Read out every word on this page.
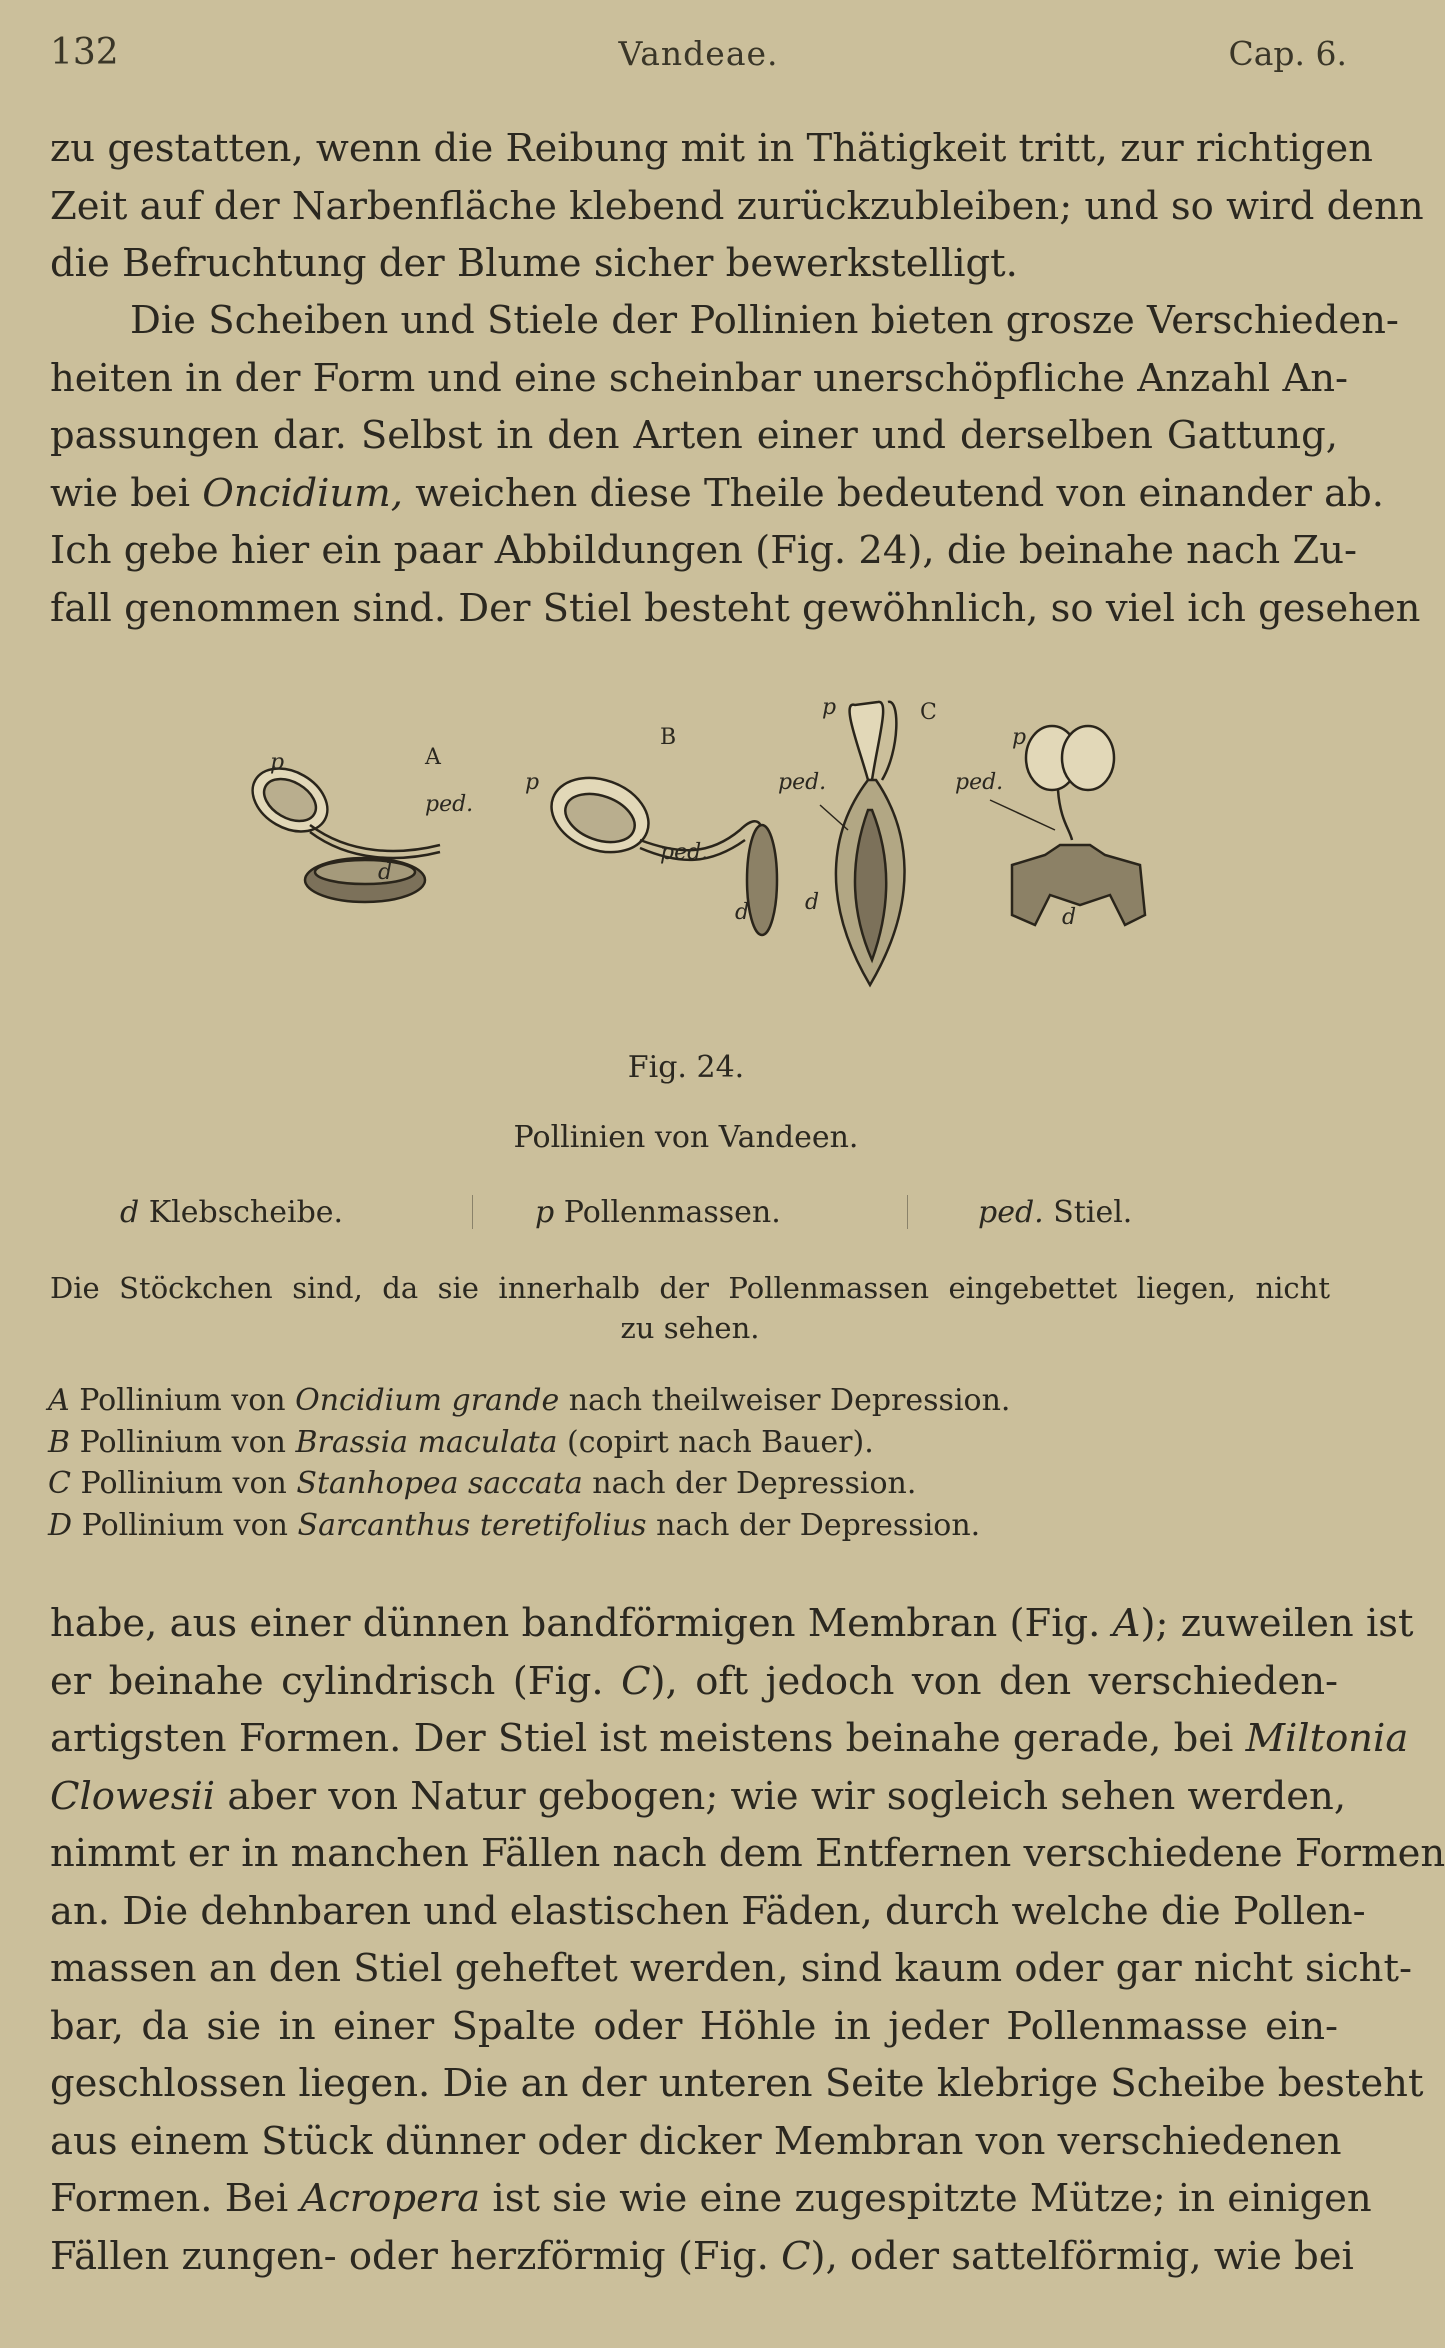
132	Vandeae.	Cap. 6.
zu gestatten, wenn die Reibung mit in Thätigkeit tritt, zur richtigen
Zeit auf der Narbenfläche klebend zurückzubleiben; und so wird denn
die Befruchtung der Blume sicher bewerkstelligt.
Die Scheiben und Stiele der Pollinien bieten grosze Verschieden-
heiten in der Form und eine scheinbar unerschöpfliche Anzahl An-
passungen dar. Selbst in den Arten einer und derselben Gattung,
wie bei Oncidium, weichen diese Theile bedeutend von einander ab.
Ich gebe hier ein paar Abbildungen (Fig. 24), die beinahe nach Zu-
fall genommen sind. Der Stiel besteht gewöhnlich, so viel ich gesehen
p	A
ped.
d
p
B
ped.
d
p	C
ped.
d
p
ped.
d
Fig. 24.
Pollinien von Vandeen.
d Klebscheibe.	p Pollenmassen.	ped. Stiel.
Die Stöckchen sind, da sie innerhalb der Pollenmassen eingebettet liegen, nicht
zu sehen.
A Pollinium von Oncidium grande nach theilweiser Depression.
B Pollinium von Brassia maculata (copirt nach Bauer).
C Pollinium von Stanhopea saccata nach der Depression.
D Pollinium von Sarcanthus teretifolius nach der Depression.
habe, aus einer dünnen bandförmigen Membran (Fig. A); zuweilen ist
er beinahe cylindrisch (Fig. C), oft jedoch von den verschieden-
artigsten Formen. Der Stiel ist meistens beinahe gerade, bei Miltonia
Clowesii aber von Natur gebogen; wie wir sogleich sehen werden,
nimmt er in manchen Fällen nach dem Entfernen verschiedene Formen
an. Die dehnbaren und elastischen Fäden, durch welche die Pollen-
massen an den Stiel geheftet werden, sind kaum oder gar nicht sicht-
bar, da sie in einer Spalte oder Höhle in jeder Pollenmasse ein-
geschlossen liegen. Die an der unteren Seite klebrige Scheibe besteht
aus einem Stück dünner oder dicker Membran von verschiedenen
Formen. Bei Acropera ist sie wie eine zugespitzte Mütze; in einigen
Fällen zungen- oder herzförmig (Fig. C), oder sattelförmig, wie bei
